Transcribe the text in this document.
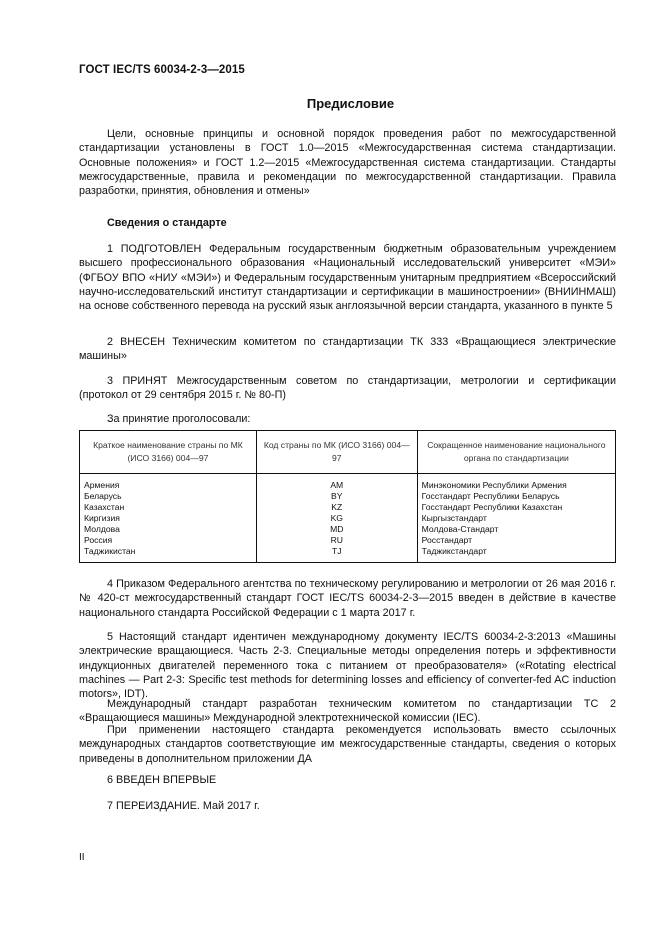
ГОСТ IEC/TS 60034-2-3—2015
Предисловие
Цели, основные принципы и основной порядок проведения работ по межгосударственной стандартизации установлены в ГОСТ 1.0—2015 «Межгосударственная система стандартизации. Основные положения» и ГОСТ 1.2—2015 «Межгосударственная система стандартизации. Стандарты межгосударственные, правила и рекомендации по межгосударственной стандартизации. Правила разработки, принятия, обновления и отмены»
Сведения о стандарте
1 ПОДГОТОВЛЕН Федеральным государственным бюджетным образовательным учреждением высшего профессионального образования «Национальный исследовательский университет «МЭИ» (ФГБОУ ВПО «НИУ «МЭИ») и Федеральным государственным унитарным предприятием «Всероссийский научно-исследовательский институт стандартизации и сертификации в машиностроении» (ВНИИНМАШ) на основе собственного перевода на русский язык англоязычной версии стандарта, указанного в пункте 5
2 ВНЕСЕН Техническим комитетом по стандартизации ТК 333 «Вращающиеся электрические машины»
3 ПРИНЯТ Межгосударственным советом по стандартизации, метрологии и сертификации (протокол от 29 сентября 2015 г. № 80-П)
За принятие проголосовали:
Краткое наименование страны по МК (ИСО 3166) 004—97	Код страны по МК (ИСО 3166) 004—97	Сокращенное наименование национального органа по стандартизации
Армения	AM	Минэкономики Республики Армения
Беларусь	BY	Госстандарт Республики Беларусь
Казахстан	KZ	Госстандарт Республики Казахстан
Киргизия	KG	Кыргызстандарт
Молдова	MD	Молдова-Стандарт
Россия	RU	Росстандарт
Таджикистан	TJ	Таджикстандарт
4 Приказом Федерального агентства по техническому регулированию и метрологии от 26 мая 2016 г. № 420-ст межгосударственный стандарт ГОСТ IEC/TS 60034-2-3—2015 введен в действие в качестве национального стандарта Российской Федерации с 1 марта 2017 г.
5 Настоящий стандарт идентичен международному документу IEC/TS 60034-2-3:2013 «Машины электрические вращающиеся. Часть 2-3. Специальные методы определения потерь и эффективности индукционных двигателей переменного тока с питанием от преобразователя» («Rotating electrical machines — Part 2-3: Specific test methods for determining losses and efficiency of converter-fed AC induction motors», IDT).
Международный стандарт разработан техническим комитетом по стандартизации TC 2 «Вращающиеся машины» Международной электротехнической комиссии (IEC).
При применении настоящего стандарта рекомендуется использовать вместо ссылочных международных стандартов соответствующие им межгосударственные стандарты, сведения о которых приведены в дополнительном приложении ДА
6 ВВЕДЕН ВПЕРВЫЕ
7 ПЕРЕИЗДАНИЕ. Май 2017 г.
II
